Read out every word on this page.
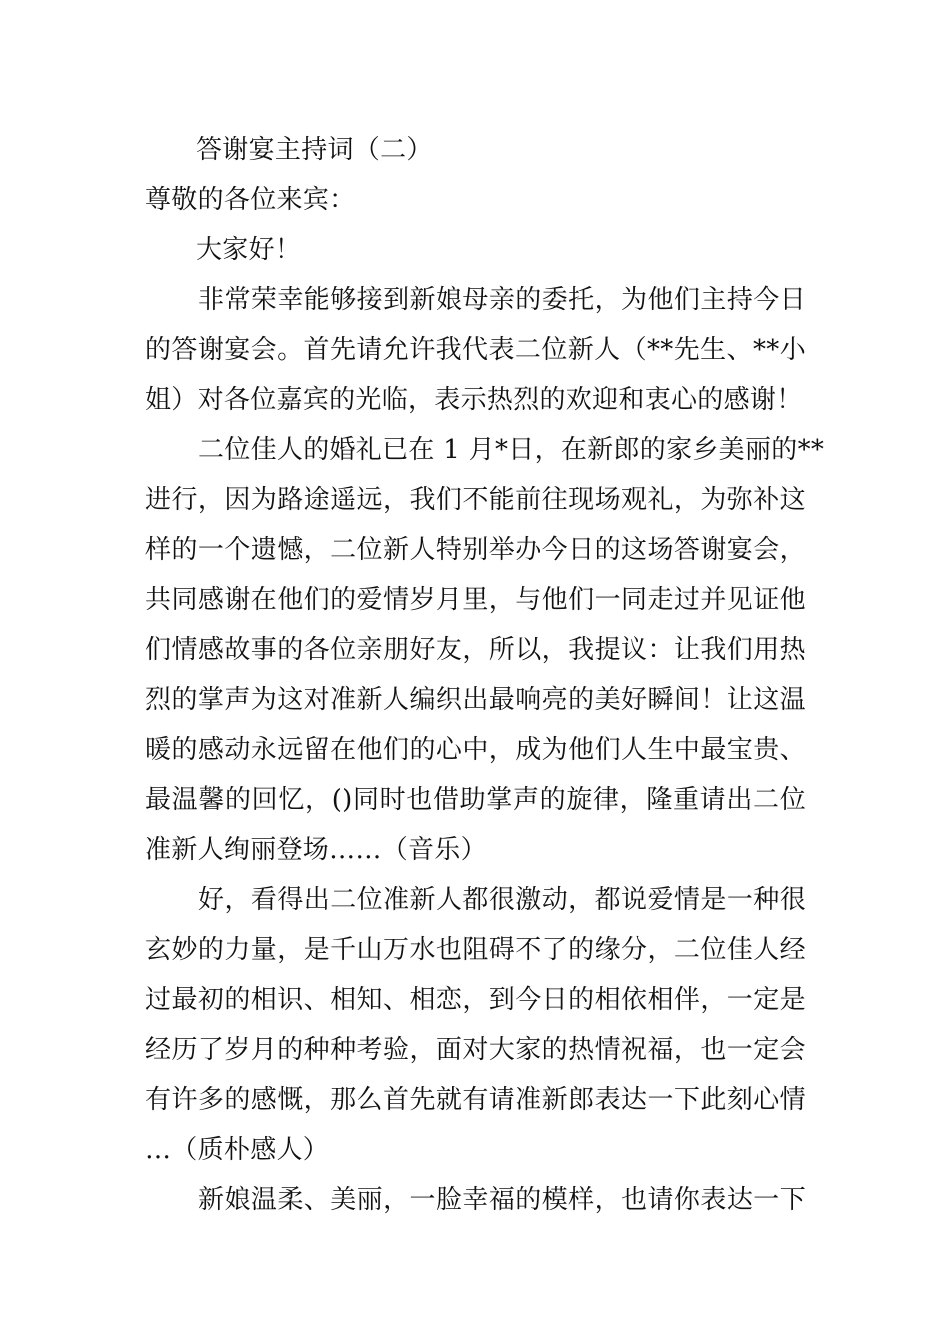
答谢宴主持词（二）
尊敬的各位来宾：
大家好！
非常荣幸能够接到新娘母亲的委托，为他们主持今日
的答谢宴会。首先请允许我代表二位新人（**先生、**小
姐）对各位嘉宾的光临，表示热烈的欢迎和衷心的感谢！
二位佳人的婚礼已在 1 月*日，在新郎的家乡美丽的**
进行，因为路途遥远，我们不能前往现场观礼，为弥补这
样的一个遗憾，二位新人特别举办今日的这场答谢宴会，
共同感谢在他们的爱情岁月里，与他们一同走过并见证他
们情感故事的各位亲朋好友，所以，我提议：让我们用热
烈的掌声为这对准新人编织出最响亮的美好瞬间！让这温
暖的感动永远留在他们的心中，成为他们人生中最宝贵、
最温馨的回忆，()同时也借助掌声的旋律，隆重请出二位
准新人绚丽登场……（音乐）
好，看得出二位准新人都很激动，都说爱情是一种很
玄妙的力量，是千山万水也阻碍不了的缘分，二位佳人经
过最初的相识、相知、相恋，到今日的相依相伴，一定是
经历了岁月的种种考验，面对大家的热情祝福，也一定会
有许多的感慨，那么首先就有请准新郎表达一下此刻心情
…（质朴感人）
新娘温柔、美丽，一脸幸福的模样，也请你表达一下
